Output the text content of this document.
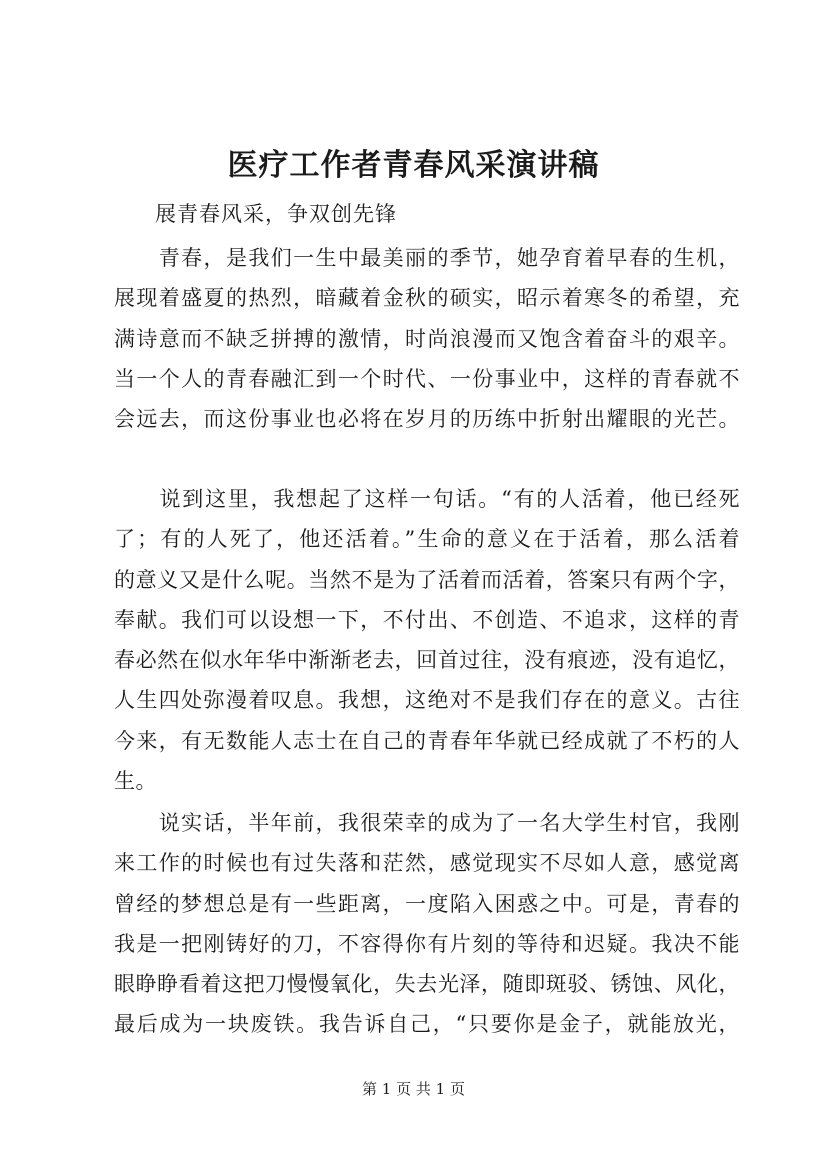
医疗工作者青春风采演讲稿
展青春风采，争双创先锋
　　青春，是我们一生中最美丽的季节，她孕育着早春的生机，
展现着盛夏的热烈，暗藏着金秋的硕实，昭示着寒冬的希望，充
满诗意而不缺乏拼搏的激情，时尚浪漫而又饱含着奋斗的艰辛。
当一个人的青春融汇到一个时代、一份事业中，这样的青春就不
会远去，而这份事业也必将在岁月的历练中折射出耀眼的光芒。
　　说到这里，我想起了这样一句话。“有的人活着，他已经死
了；有的人死了，他还活着。”生命的意义在于活着，那么活着
的意义又是什么呢。当然不是为了活着而活着，答案只有两个字，
奉献。我们可以设想一下，不付出、不创造、不追求，这样的青
春必然在似水年华中渐渐老去，回首过往，没有痕迹，没有追忆，
人生四处弥漫着叹息。我想，这绝对不是我们存在的意义。古往
今来，有无数能人志士在自己的青春年华就已经成就了不朽的人
生。
　　说实话，半年前，我很荣幸的成为了一名大学生村官，我刚
来工作的时候也有过失落和茫然，感觉现实不尽如人意，感觉离
曾经的梦想总是有一些距离，一度陷入困惑之中。可是，青春的
我是一把刚铸好的刀，不容得你有片刻的等待和迟疑。我决不能
眼睁睁看着这把刀慢慢氧化，失去光泽，随即斑驳、锈蚀、风化，
最后成为一块废铁。我告诉自己，“只要你是金子，就能放光，
第 1 页 共 1 页
